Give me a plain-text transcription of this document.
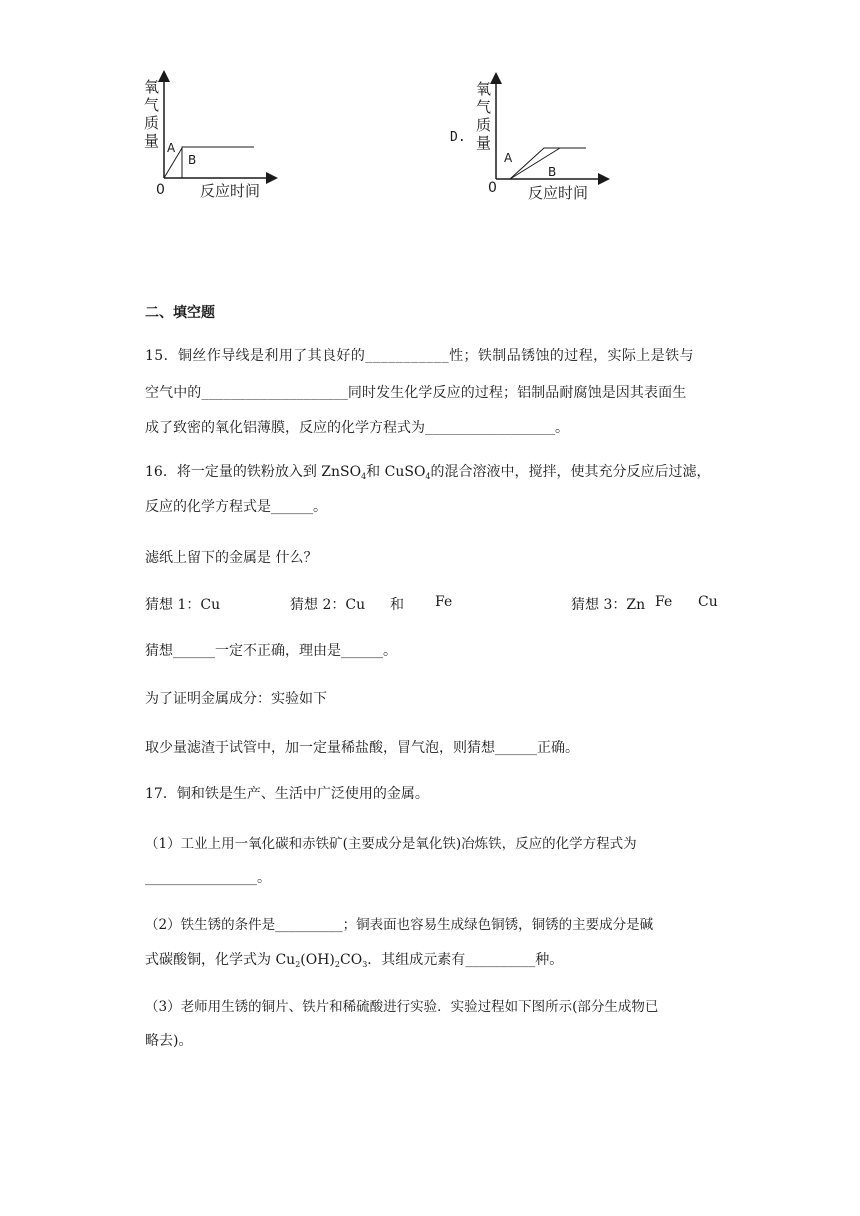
氧
气
质
量
0 反应时间
A
B
D.
氧
气
质
量
0 反应时间
A
B
二、填空题
15．铜丝作导线是利用了其良好的___________性；铁制品锈蚀的过程，实际上是铁与
空气中的____________________同时发生化学反应的过程；铝制品耐腐蚀是因其表面生
成了致密的氧化铝薄膜，反应的化学方程式为__________________。
16．将一定量的铁粉放入到 ZnSO$_4$和 CuSO$_4$的混合溶液中，搅拌，使其充分反应后过滤，
反应的化学方程式是______。
滤纸上留下的金属是 什么？
猜想 1：Cu	猜想 2：Cu 和 Fe	猜想 3：Zn Fe Cu
猜想______一定不正确，理由是______。
为了证明金属成分：实验如下
取少量滤渣于试管中，加一定量稀盐酸，冒气泡，则猜想______正确。
17．铜和铁是生产、生活中广泛使用的金属。
（1）工业上用一氧化碳和赤铁矿(主要成分是氧化铁)冶炼铁，反应的化学方程式为
________________。
（2）铁生锈的条件是__________；铜表面也容易生成绿色铜锈，铜锈的主要成分是碱
式碳酸铜，化学式为 $Cu_2(OH)_2CO_3$．其组成元素有__________种。
（3）老师用生锈的铜片、铁片和稀硫酸进行实验．实验过程如下图所示(部分生成物已
略去)。
